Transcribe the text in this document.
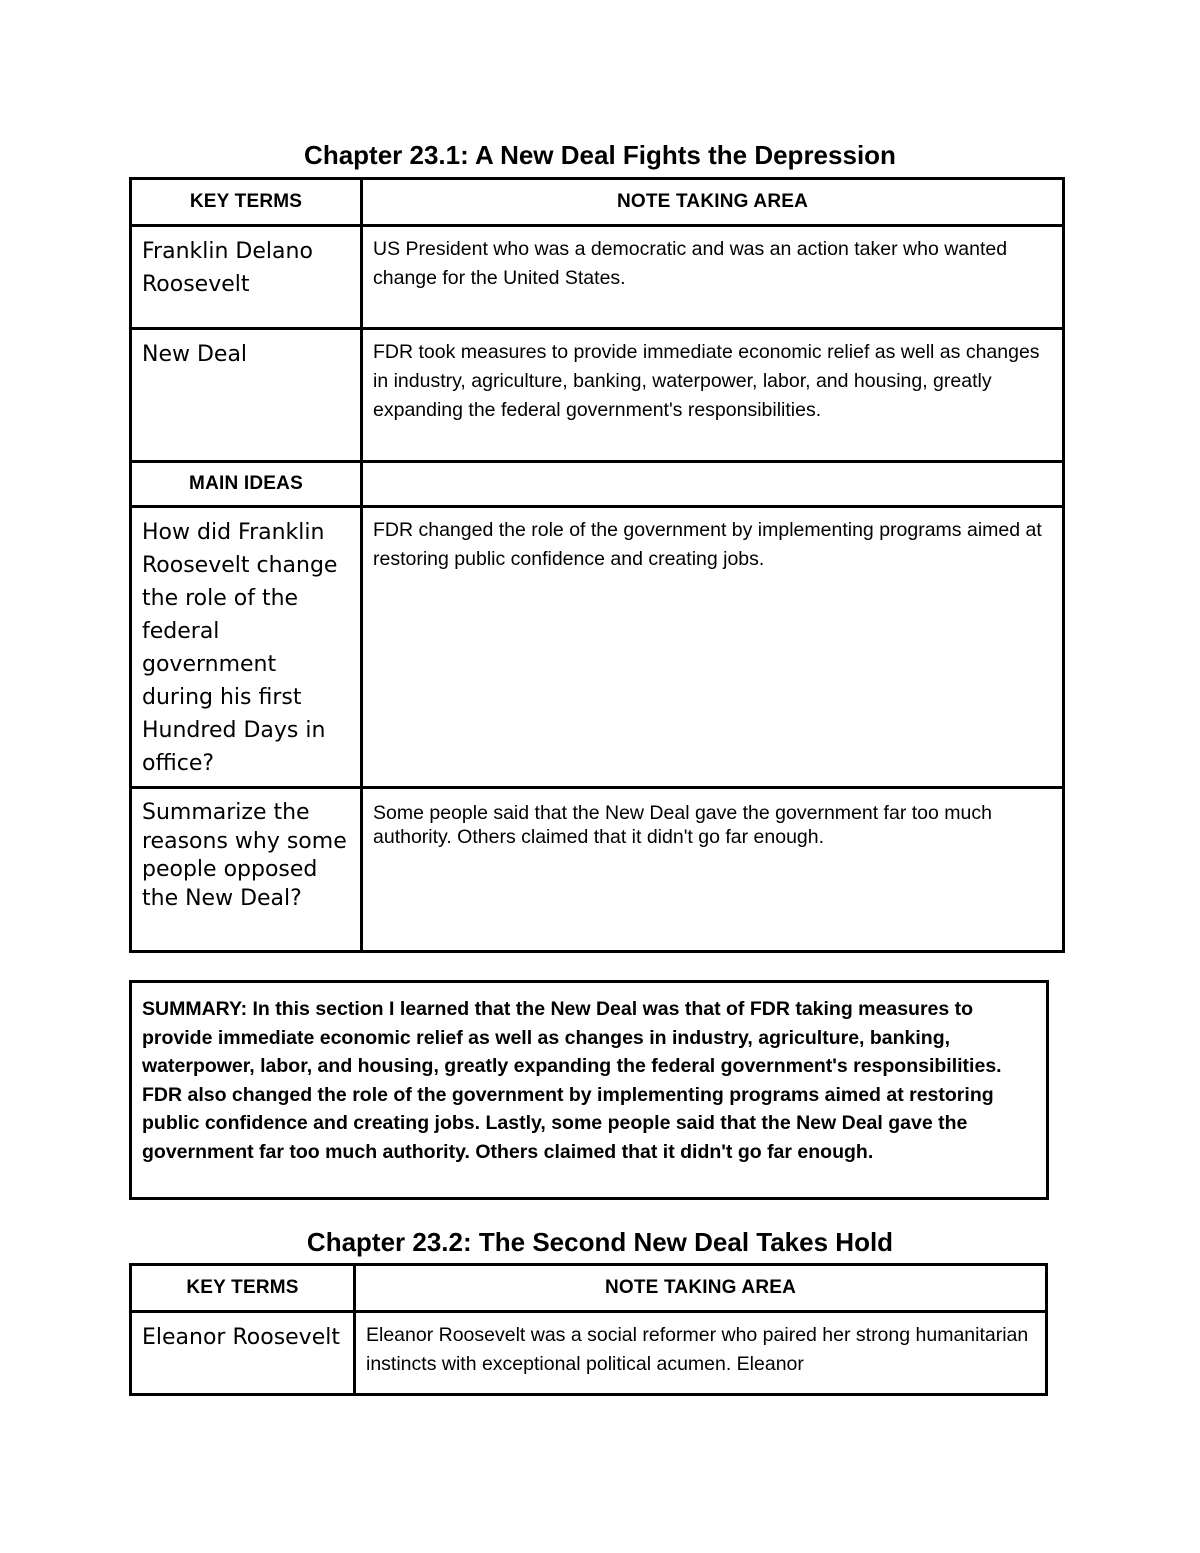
Chapter 23.1: A New Deal Fights the Depression
KEY TERMS	NOTE TAKING AREA
Franklin Delano Roosevelt	US President who was a democratic and was an action taker who wanted change for the United States.
New Deal	FDR took measures to provide immediate economic relief as well as changes in industry, agriculture, banking, waterpower, labor, and housing, greatly expanding the federal government's responsibilities.
MAIN IDEAS	
How did Franklin Roosevelt change the role of the federal government during his first Hundred Days in office?	FDR changed the role of the government by implementing programs aimed at restoring public confidence and creating jobs.
Summarize the reasons why some people opposed the New Deal?	Some people said that the New Deal gave the government far too much authority. Others claimed that it didn't go far enough.
SUMMARY: In this section I learned that the New Deal was that of FDR taking measures to provide immediate economic relief as well as changes in industry, agriculture, banking, waterpower, labor, and housing, greatly expanding the federal government's responsibilities. FDR also changed the role of the government by implementing programs aimed at restoring public confidence and creating jobs. Lastly, some people said that the New Deal gave the government far too much authority. Others claimed that it didn't go far enough.
Chapter 23.2: The Second New Deal Takes Hold
KEY TERMS	NOTE TAKING AREA
Eleanor Roosevelt	Eleanor Roosevelt was a social reformer who paired her strong humanitarian instincts with exceptional political acumen. Eleanor
